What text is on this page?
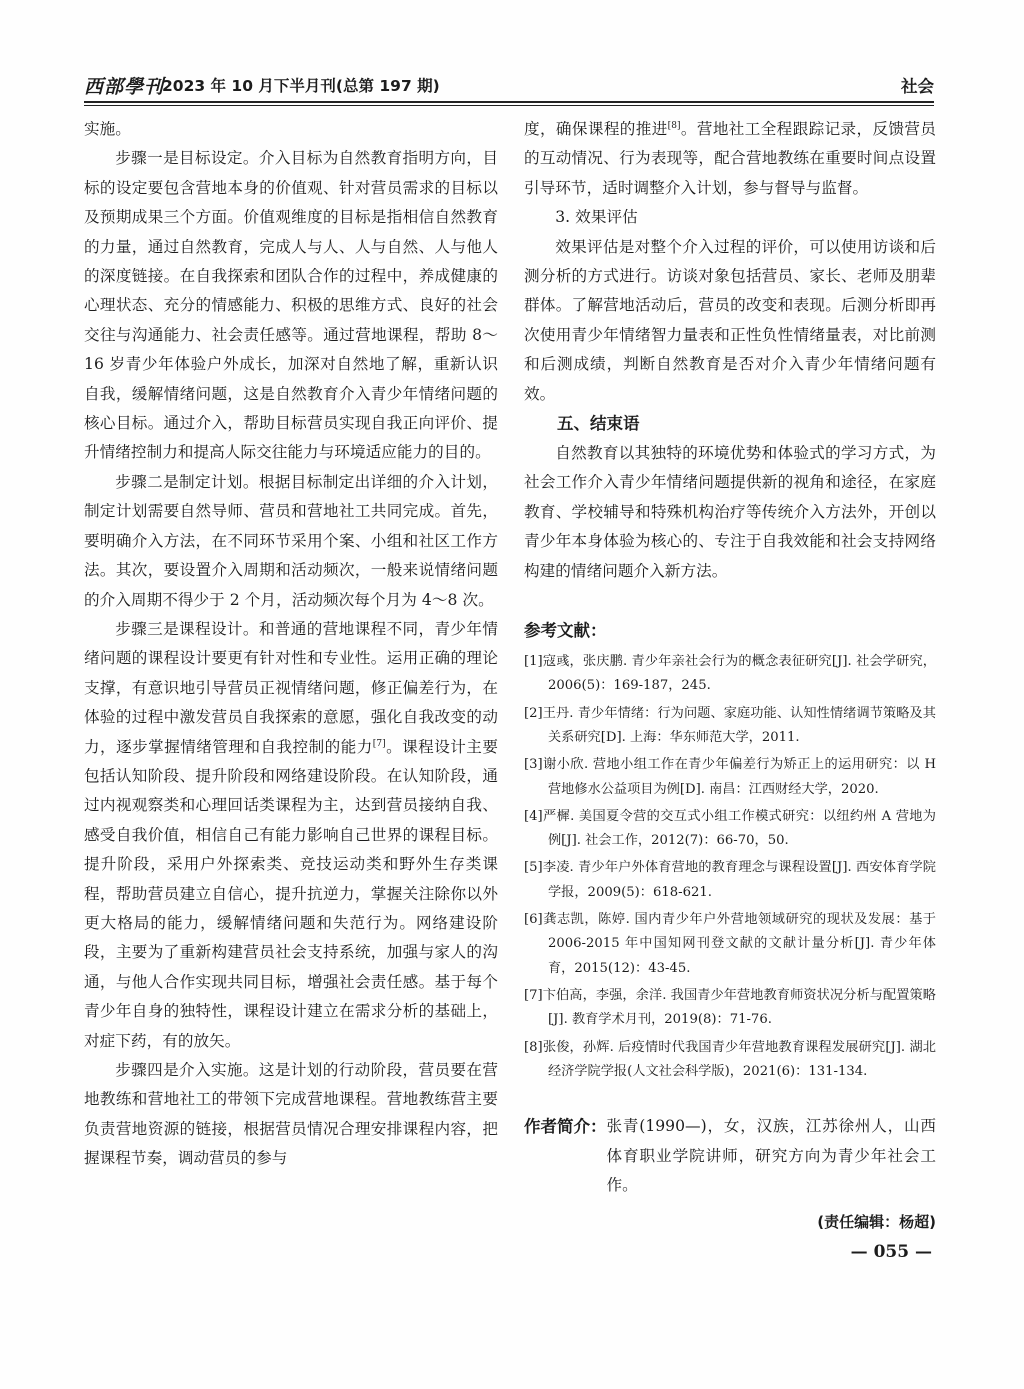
西部學刊
2023 年 10 月下半月刊(总第 197 期)	社会

实施。

步骤一是目标设定。介入目标为自然教育指明方向，目标的设定要包含营地本身的价值观、针对营员需求的目标以及预期成果三个方面。价值观维度的目标是指相信自然教育的力量，通过自然教育，完成人与人、人与自然、人与他人的深度链接。在自我探索和团队合作的过程中，养成健康的心理状态、充分的情感能力、积极的思维方式、良好的社会交往与沟通能力、社会责任感等。通过营地课程，帮助 8～16 岁青少年体验户外成长，加深对自然地了解，重新认识自我，缓解情绪问题，这是自然教育介入青少年情绪问题的核心目标。通过介入，帮助目标营员实现自我正向评价、提升情绪控制力和提高人际交往能力与环境适应能力的目的。

步骤二是制定计划。根据目标制定出详细的介入计划，制定计划需要自然导师、营员和营地社工共同完成。首先，要明确介入方法，在不同环节采用个案、小组和社区工作方法。其次，要设置介入周期和活动频次，一般来说情绪问题的介入周期不得少于 2 个月，活动频次每个月为 4～8 次。

步骤三是课程设计。和普通的营地课程不同，青少年情绪问题的课程设计要更有针对性和专业性。运用正确的理论支撑，有意识地引导营员正视情绪问题，修正偏差行为，在体验的过程中激发营员自我探索的意愿，强化自我改变的动力，逐步掌握情绪管理和自我控制的能力[7]。课程设计主要包括认知阶段、提升阶段和网络建设阶段。在认知阶段，通过内视观察类和心理回话类课程为主，达到营员接纳自我、感受自我价值，相信自己有能力影响自己世界的课程目标。提升阶段，采用户外探索类、竞技运动类和野外生存类课程，帮助营员建立自信心，提升抗逆力，掌握关注除你以外更大格局的能力，缓解情绪问题和失范行为。网络建设阶段，主要为了重新构建营员社会支持系统，加强与家人的沟通，与他人合作实现共同目标，增强社会责任感。基于每个青少年自身的独特性，课程设计建立在需求分析的基础上，对症下药，有的放矢。

步骤四是介入实施。这是计划的行动阶段，营员要在营地教练和营地社工的带领下完成营地课程。营地教练营主要负责营地资源的链接，根据营员情况合理安排课程内容，把握课程节奏，调动营员的参与

度，确保课程的推进[8]。营地社工全程跟踪记录，反馈营员的互动情况、行为表现等，配合营地教练在重要时间点设置引导环节，适时调整介入计划，参与督导与监督。

3. 效果评估

效果评估是对整个介入过程的评价，可以使用访谈和后测分析的方式进行。访谈对象包括营员、家长、老师及朋辈群体。了解营地活动后，营员的改变和表现。后测分析即再次使用青少年情绪智力量表和正性负性情绪量表，对比前测和后测成绩，判断自然教育是否对介入青少年情绪问题有效。

五、结束语

自然教育以其独特的环境优势和体验式的学习方式，为社会工作介入青少年情绪问题提供新的视角和途径，在家庭教育、学校辅导和特殊机构治疗等传统介入方法外，开创以青少年本身体验为核心的、专注于自我效能和社会支持网络构建的情绪问题介入新方法。

参考文献：
[1]寇彧，张庆鹏. 青少年亲社会行为的概念表征研究[J]. 社会学研究，2006(5)：169-187，245.
[2]王丹. 青少年情绪：行为问题、家庭功能、认知性情绪调节策略及其关系研究[D]. 上海：华东师范大学，2011.
[3]谢小欣. 营地小组工作在青少年偏差行为矫正上的运用研究：以 H 营地修水公益项目为例[D]. 南昌：江西财经大学，2020.
[4]严樨. 美国夏令营的交互式小组工作模式研究：以纽约州 A 营地为例[J]. 社会工作，2012(7)：66-70，50.
[5]李凌. 青少年户外体育营地的教育理念与课程设置[J]. 西安体育学院学报，2009(5)：618-621.
[6]龚志凯，陈婷. 国内青少年户外营地领域研究的现状及发展：基于 2006-2015 年中国知网刊登文献的文献计量分析[J]. 青少年体育，2015(12)：43-45.
[7]卞伯高，李强，余洋. 我国青少年营地教育师资状况分析与配置策略[J]. 教育学术月刊，2019(8)：71-76.
[8]张俊，孙辉. 后疫情时代我国青少年营地教育课程发展研究[J]. 湖北经济学院学报(人文社会科学版)，2021(6)：131-134.
作者简介： 张青(1990—)，女，汉族，江苏徐州人，山西体育职业学院讲师，研究方向为青少年社会工作。
(责任编辑：杨超)
— 055 —
